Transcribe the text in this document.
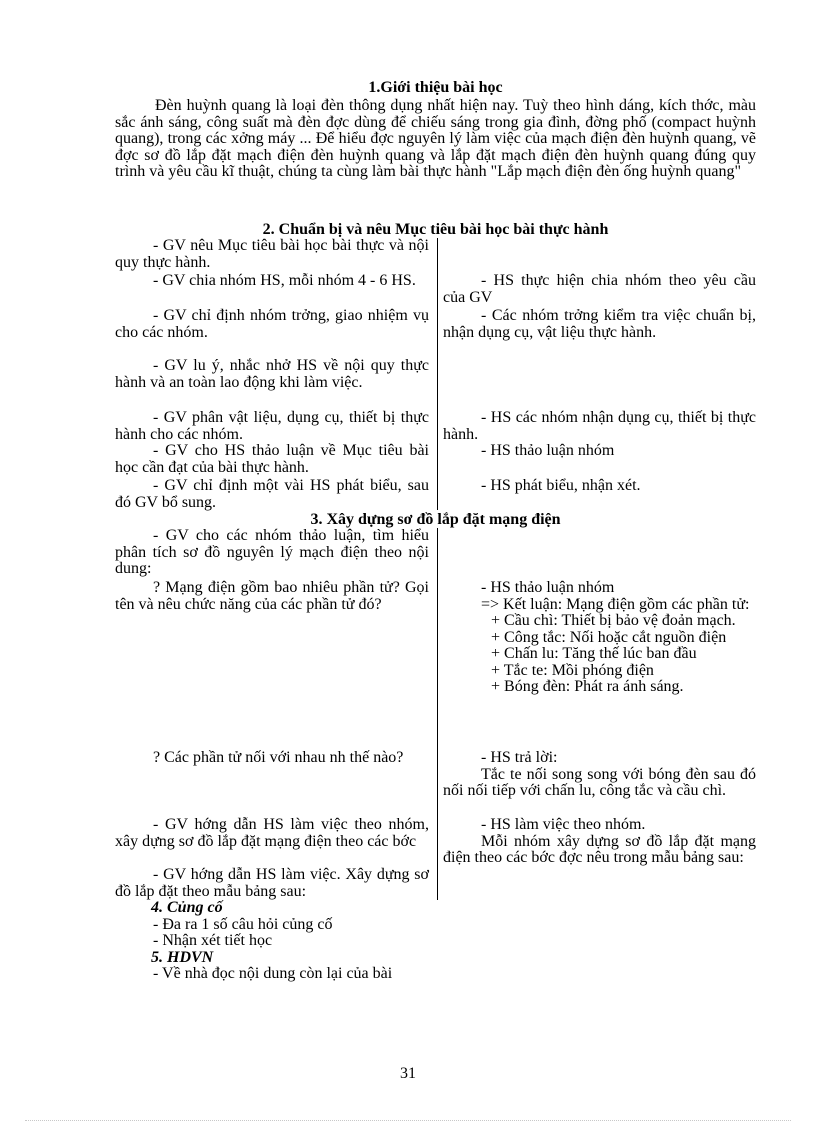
1.Giới thiệu bài học

Đèn huỳnh quang là loại đèn thông dụng nhất hiện nay. Tuỳ theo hình dáng, kích thớc, màu sắc ánh sáng, công suất mà đèn đợc dùng để chiếu sáng trong gia đình, đờng phố (compact huỳnh quang), trong các xởng máy ... Để hiểu đợc nguyên lý làm việc của mạch điện đèn huỳnh quang, vẽ đợc sơ đồ lắp đặt mạch điện đèn huỳnh quang và lắp đặt mạch điện đèn huỳnh quang đúng quy trình và yêu cầu kĩ thuật, chúng ta cùng làm bài thực hành "Lắp mạch điện đèn ống huỳnh quang"

2. Chuẩn bị và nêu Mục tiêu bài học bài thực hành

- GV nêu Mục tiêu bài học bài thực và nội quy thực hành.

- GV chia nhóm HS, mỗi nhóm 4 - 6 HS.	- HS thực hiện chia nhóm theo yêu cầu của GV

- GV chỉ định nhóm trởng, giao nhiệm vụ cho các nhóm.

- Các nhóm trởng kiểm tra việc chuẩn bị, nhận dụng cụ, vật liệu thực hành.

- GV lu ý, nhắc nhở HS về nội quy thực hành và an toàn lao động khi làm việc.

- GV phân vật liệu, dụng cụ, thiết bị thực hành cho các nhóm.

- HS các nhóm nhận dụng cụ, thiết bị thực hành.

- GV cho HS thảo luận về Mục tiêu bài học cần đạt của bài thực hành.

- HS thảo luận nhóm

- GV chỉ định một vài HS phát biểu, sau đó GV bổ sung.

- HS phát biểu, nhận xét.

3. Xây dựng sơ đồ lắp đặt mạng điện

- GV cho các nhóm thảo luận, tìm hiểu phân tích sơ đồ nguyên lý mạch điện theo nội dung:

? Mạng điện gồm bao nhiêu phần tử? Gọi tên và nêu chức năng của các phần tử đó?

- HS thảo luận nhóm

=> Kết luận: Mạng điện gồm các phần tử:

+ Cầu chì: Thiết bị bảo vệ đoản mạch.

+ Công tắc: Nối hoặc cắt nguồn điện

+ Chấn lu: Tăng thế lúc ban đầu

+ Tắc te: Mồi phóng điện

+ Bóng đèn: Phát ra ánh sáng.

? Các phần tử nối với nhau nh thế nào?	- HS trả lời:

Tắc te nối song song với bóng đèn sau đó nối nối tiếp với chấn lu, công tắc và cầu chì.

- GV hớng dẫn HS làm việc theo nhóm, xây dựng sơ đồ lắp đặt mạng điện theo các bớc

- HS làm việc theo nhóm.

Mỗi nhóm xây dựng sơ đồ lắp đặt mạng điện theo các bớc đợc nêu trong mẫu bảng sau:

- GV hớng dẫn HS làm việc. Xây dựng sơ đồ lắp đặt theo mẫu bảng sau:

4. Củng cố
- Đa ra 1 số câu hỏi củng cố
- Nhận xét tiết học
5. HDVN
- Về nhà đọc nội dung còn lại của bài
31
